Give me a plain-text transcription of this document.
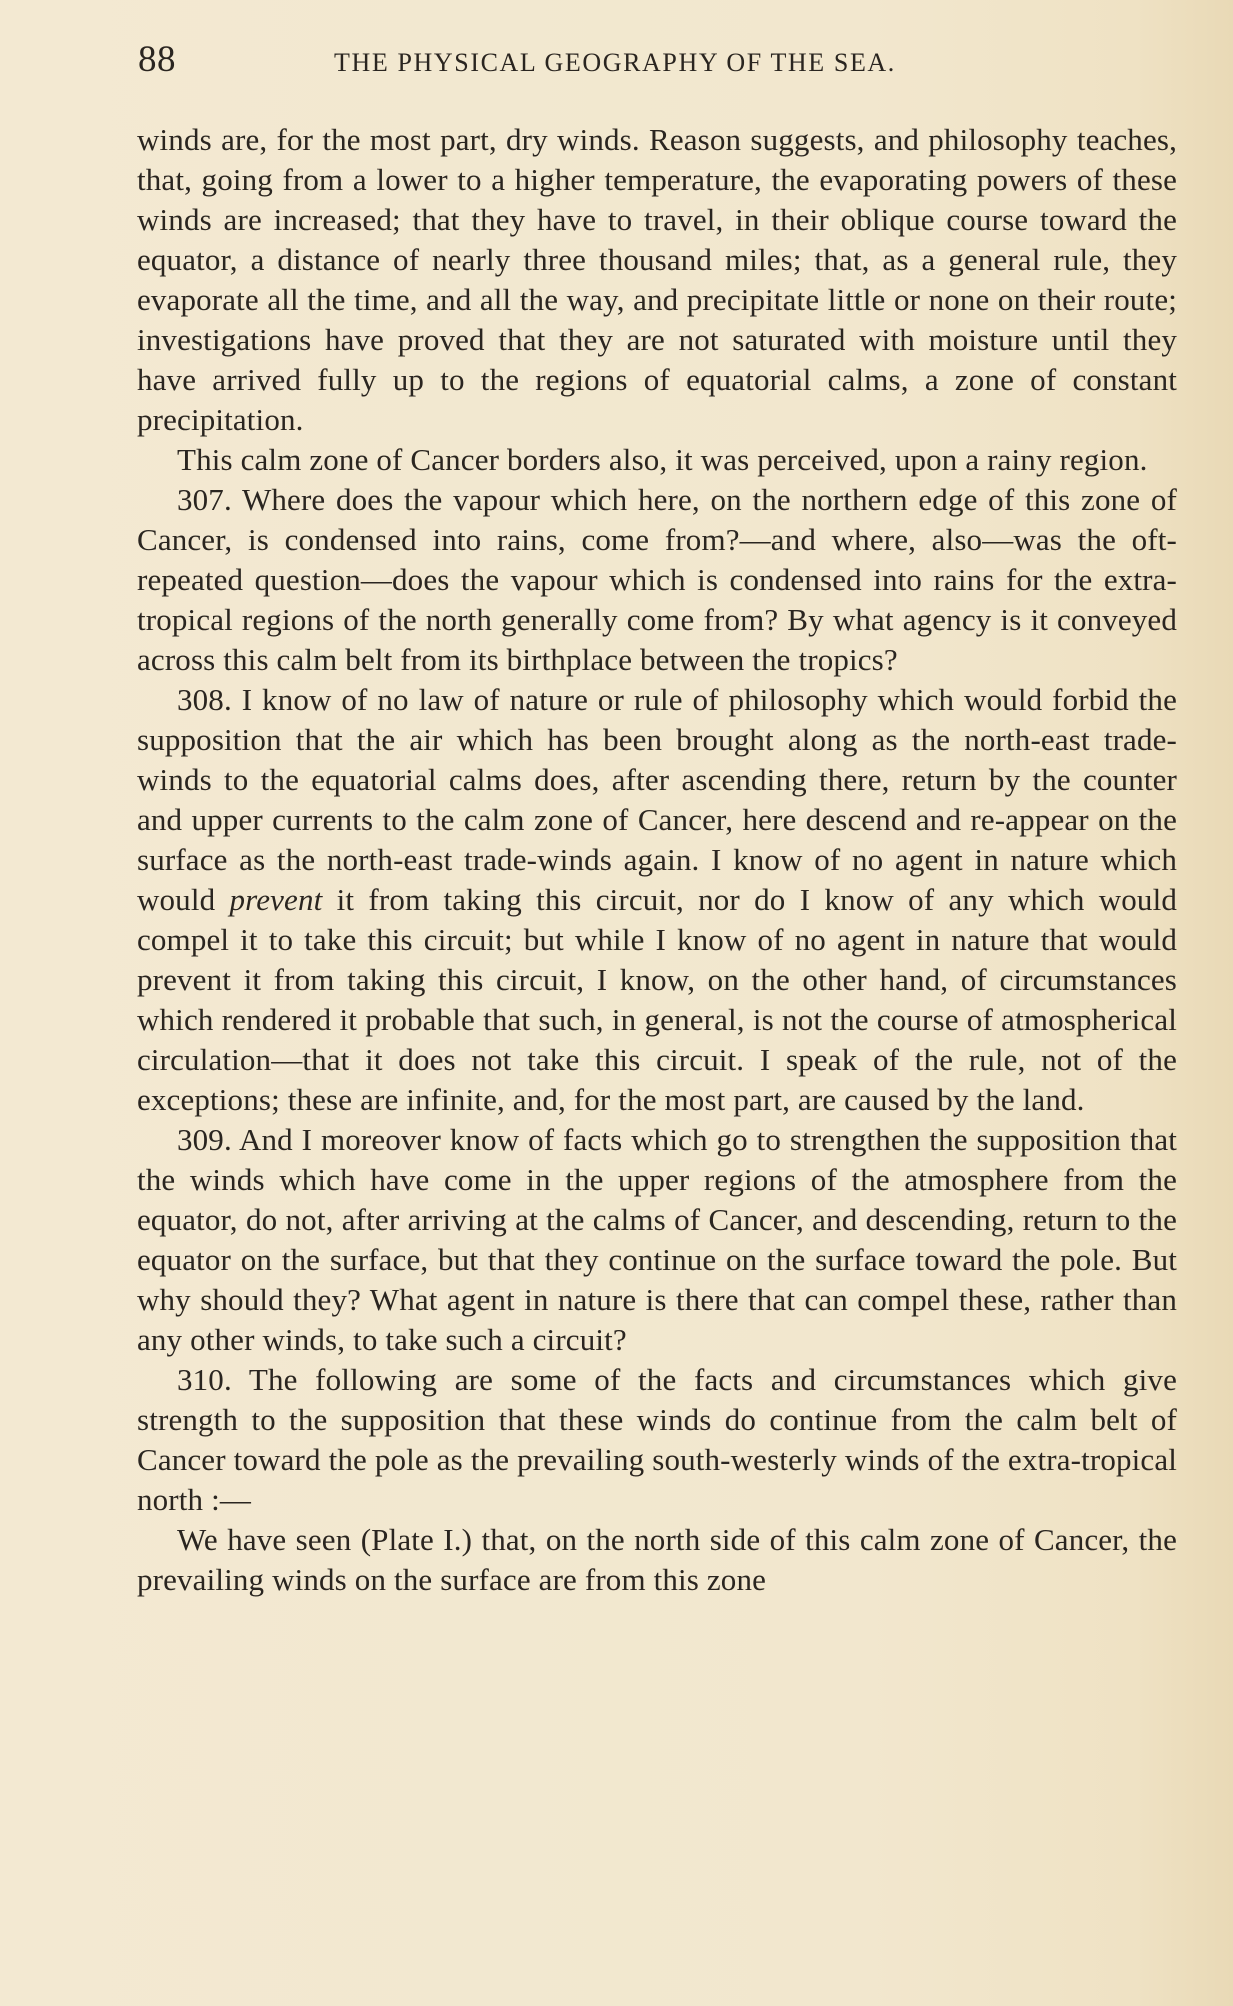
88	THE PHYSICAL GEOGRAPHY OF THE SEA.

winds are, for the most part, dry winds. Reason suggests, and philosophy teaches, that, going from a lower to a higher temperature, the evaporating powers of these winds are increased; that they have to travel, in their oblique course toward the equator, a distance of nearly three thousand miles; that, as a general rule, they evaporate all the time, and all the way, and precipitate little or none on their route; investigations have proved that they are not saturated with moisture until they have arrived fully up to the regions of equatorial calms, a zone of constant precipitation.

This calm zone of Cancer borders also, it was perceived, upon a rainy region.

307. Where does the vapour which here, on the northern edge of this zone of Cancer, is condensed into rains, come from?—and where, also—was the oft-repeated question—does the vapour which is condensed into rains for the extra-tropical regions of the north generally come from? By what agency is it conveyed across this calm belt from its birthplace between the tropics?

308. I know of no law of nature or rule of philosophy which would forbid the supposition that the air which has been brought along as the north-east trade-winds to the equatorial calms does, after ascending there, return by the counter and upper currents to the calm zone of Cancer, here descend and re-appear on the surface as the north-east trade-winds again. I know of no agent in nature which would prevent it from taking this circuit, nor do I know of any which would compel it to take this circuit; but while I know of no agent in nature that would prevent it from taking this circuit, I know, on the other hand, of circumstances which rendered it probable that such, in general, is not the course of atmospherical circulation—that it does not take this circuit. I speak of the rule, not of the exceptions; these are infinite, and, for the most part, are caused by the land.

309. And I moreover know of facts which go to strengthen the supposition that the winds which have come in the upper regions of the atmosphere from the equator, do not, after arriving at the calms of Cancer, and descending, return to the equator on the surface, but that they continue on the surface toward the pole. But why should they? What agent in nature is there that can compel these, rather than any other winds, to take such a circuit?

310. The following are some of the facts and circumstances which give strength to the supposition that these winds do continue from the calm belt of Cancer toward the pole as the prevailing south-westerly winds of the extra-tropical north :—

We have seen (Plate I.) that, on the north side of this calm zone of Cancer, the prevailing winds on the surface are from this zone
